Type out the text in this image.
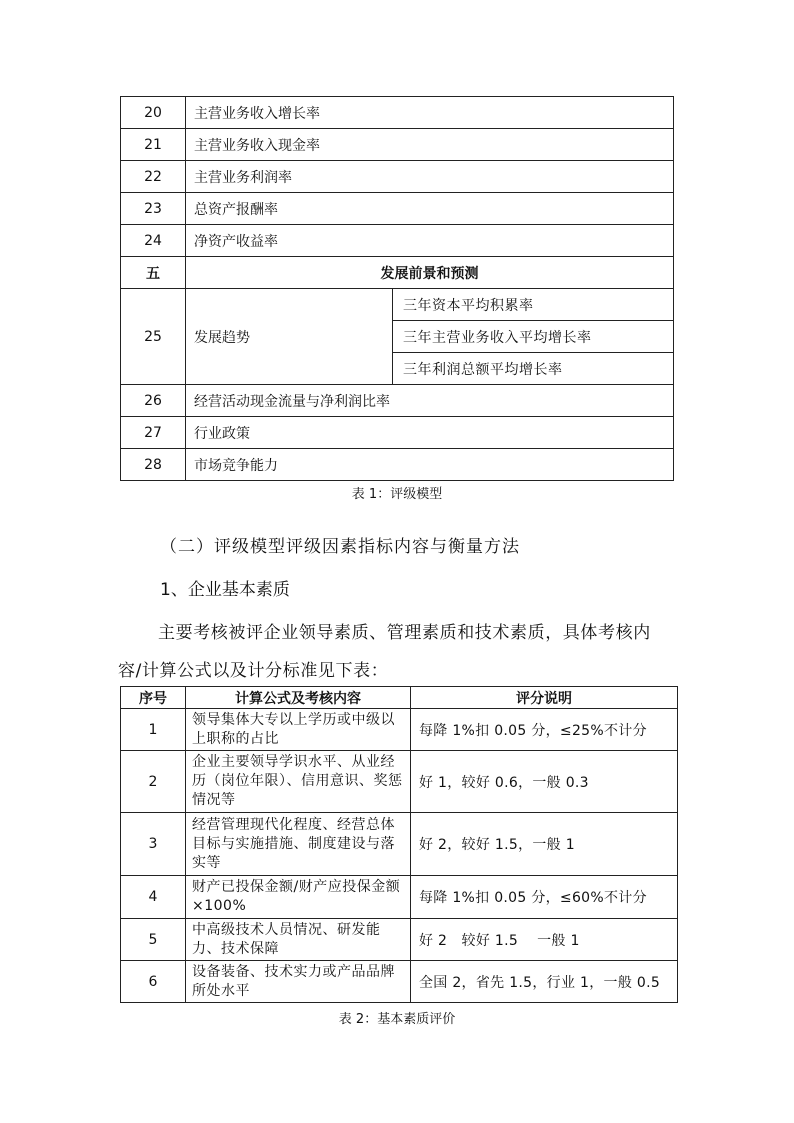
20	主营业务收入增长率	
21	主营业务收入现金率	
22	主营业务利润率	
23	总资产报酬率	
24	净资产收益率	
五	发展前景和预测	
25	发展趋势	三年资本平均积累率
		三年主营业务收入平均增长率
		三年利润总额平均增长率
26	经营活动现金流量与净利润比率	
27	行业政策	
28	市场竞争能力	
表 1：评级模型
（二）评级模型评级因素指标内容与衡量方法
1、企业基本素质
主要考核被评企业领导素质、管理素质和技术素质，具体考核内
容/计算公式以及计分标准见下表：
序号	计算公式及考核内容	评分说明
1	领导集体大专以上学历或中级以上职称的占比	每降 1%扣 0.05 分，≤25%不计分
2	企业主要领导学识水平、从业经历（岗位年限）、信用意识、奖惩情况等	好 1，较好 0.6，一般 0.3
3	经营管理现代化程度、经营总体目标与实施措施、制度建设与落实等	好 2，较好 1.5，一般 1
4	财产已投保金额/财产应投保金额×100%	每降 1%扣 0.05 分，≤60%不计分
5	中高级技术人员情况、研发能力、技术保障	好 2　较好 1.5　 一般 1
6	设备装备、技术实力或产品品牌所处水平	全国 2，省先 1.5，行业 1，一般 0.5
表 2：基本素质评价
